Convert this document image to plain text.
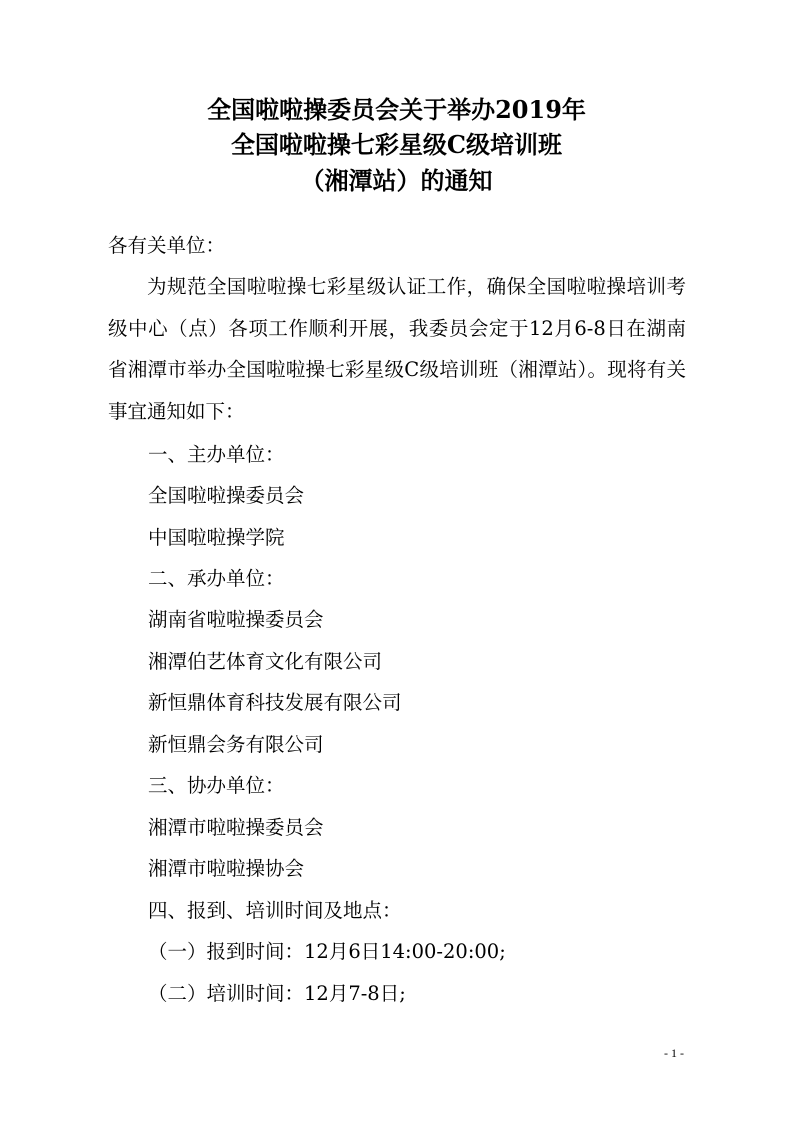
全国啦啦操委员会关于举办2019年
全国啦啦操七彩星级C级培训班
（湘潭站）的通知
各有关单位：
为规范全国啦啦操七彩星级认证工作，确保全国啦啦操培训考级中心（点）各项工作顺利开展，我委员会定于12月6-8日在湖南省湘潭市举办全国啦啦操七彩星级C级培训班（湘潭站）。现将有关事宜通知如下：
一、主办单位：
全国啦啦操委员会
中国啦啦操学院
二、承办单位：
湖南省啦啦操委员会
湘潭伯艺体育文化有限公司
新恒鼎体育科技发展有限公司
新恒鼎会务有限公司
三、协办单位：
湘潭市啦啦操委员会
湘潭市啦啦操协会
四、报到、培训时间及地点：
（一）报到时间：12月6日14:00-20:00;
（二）培训时间：12月7-8日;
- 1 -
